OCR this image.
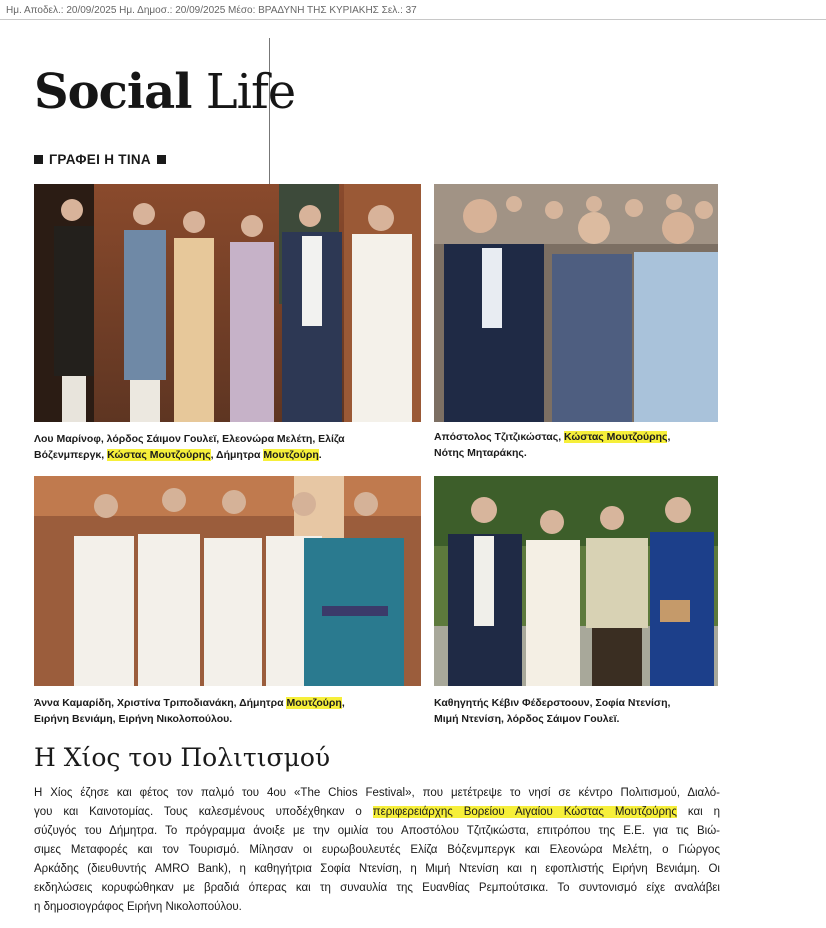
Ημ. Αποδελ.: 20/09/2025 Ημ. Δημοσ.: 20/09/2025 Μέσο: ΒΡΑΔΥΝΗ ΤΗΣ ΚΥΡΙΑΚΗΣ Σελ.: 37
Social Life
ΓΡΑΦΕΙ Η ΤΙΝΑ
Λου Μαρίνοφ, λόρδος Σάιμον Γουλεϊ, Ελεονώρα Μελέτη, Ελίζα
Βόζενμπεργκ, Κώστας Μουτζούρης, Δήμητρα Μουτζούρη.
Απόστολος Τζιτζικώστας, Κώστας Μουτζούρης,
Νότης Μηταράκης.
Άννα Καμαρίδη, Χριστίνα Τριποδιανάκη, Δήμητρα Μουτζούρη,
Ειρήνη Βενιάμη, Ειρήνη Νικολοπούλου.
Καθηγητής Κέβιν Φέδερστοουν, Σοφία Ντενίση,
Μιμή Ντενίση, λόρδος Σάιμον Γουλεϊ.
Η Χίος του Πολιτισμού

Η Χίος έζησε και φέτος τον παλμό του 4ου «The Chios Festival», που μετέτρεψε το νησί σε κέντρο Πολιτισμού, Διαλό-
γου και Καινοτομίας. Τους καλεσμένους υποδέχθηκαν ο περιφερειάρχης Βορείου Αιγαίου Κώστας Μουτζούρης και η
σύζυγός του Δήμητρα. Το πρόγραμμα άνοιξε με την ομιλία του Αποστόλου Τζιτζικώστα, επιτρόπου της Ε.Ε. για τις Βιώ-
σιμες Μεταφορές και τον Τουρισμό. Μίλησαν οι ευρωβουλευτές Ελίζα Βόζενμπεργκ και Ελεονώρα Μελέτη, ο Γιώργος
Αρκάδης (διευθυντής AMRO Bank), η καθηγήτρια Σοφία Ντενίση, η Μιμή Ντενίση και η εφοπλιστής Ειρήνη Βενιάμη. Οι
εκδηλώσεις κορυφώθηκαν με βραδιά όπερας και τη συναυλία της Ευανθίας Ρεμπούτσικα. Το συντονισμό είχε αναλάβει
η δημοσιογράφος Ειρήνη Νικολοπούλου.
